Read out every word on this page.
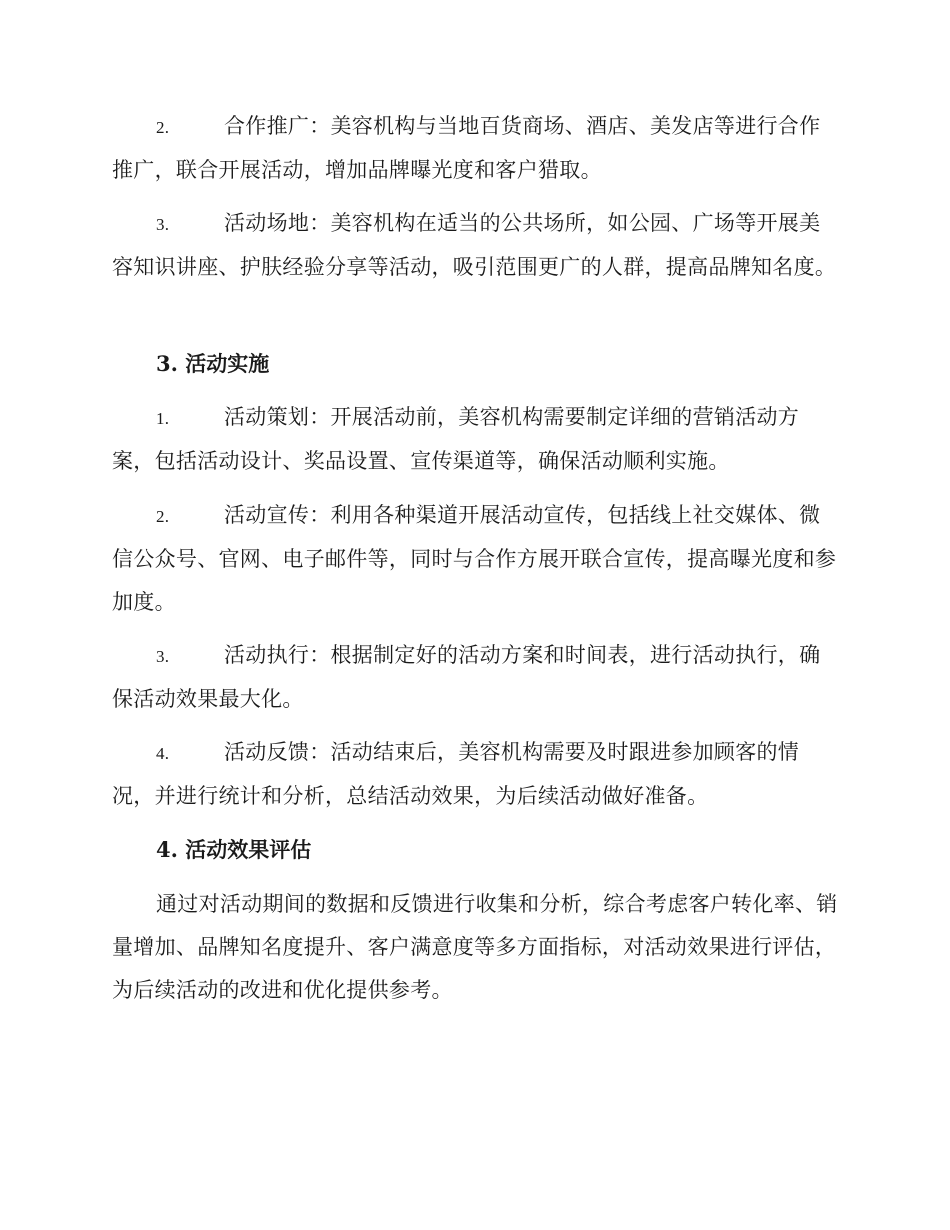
2.	合作推广：美容机构与当地百货商场、酒店、美发店等进行合作推广，联合开展活动，增加品牌曝光度和客户猎取。
3.	活动场地：美容机构在适当的公共场所，如公园、广场等开展美容知识讲座、护肤经验分享等活动，吸引范围更广的人群，提高品牌知名度。
3. 活动实施
1.	活动策划：开展活动前，美容机构需要制定详细的营销活动方案，包括活动设计、奖品设置、宣传渠道等，确保活动顺利实施。
2.	活动宣传：利用各种渠道开展活动宣传，包括线上社交媒体、微信公众号、官网、电子邮件等，同时与合作方展开联合宣传，提高曝光度和参加度。
3.	活动执行：根据制定好的活动方案和时间表，进行活动执行，确保活动效果最大化。
4.	活动反馈：活动结束后，美容机构需要及时跟进参加顾客的情况，并进行统计和分析，总结活动效果，为后续活动做好准备。
4. 活动效果评估
通过对活动期间的数据和反馈进行收集和分析，综合考虑客户转化率、销量增加、品牌知名度提升、客户满意度等多方面指标，对活动效果进行评估，为后续活动的改进和优化提供参考。
